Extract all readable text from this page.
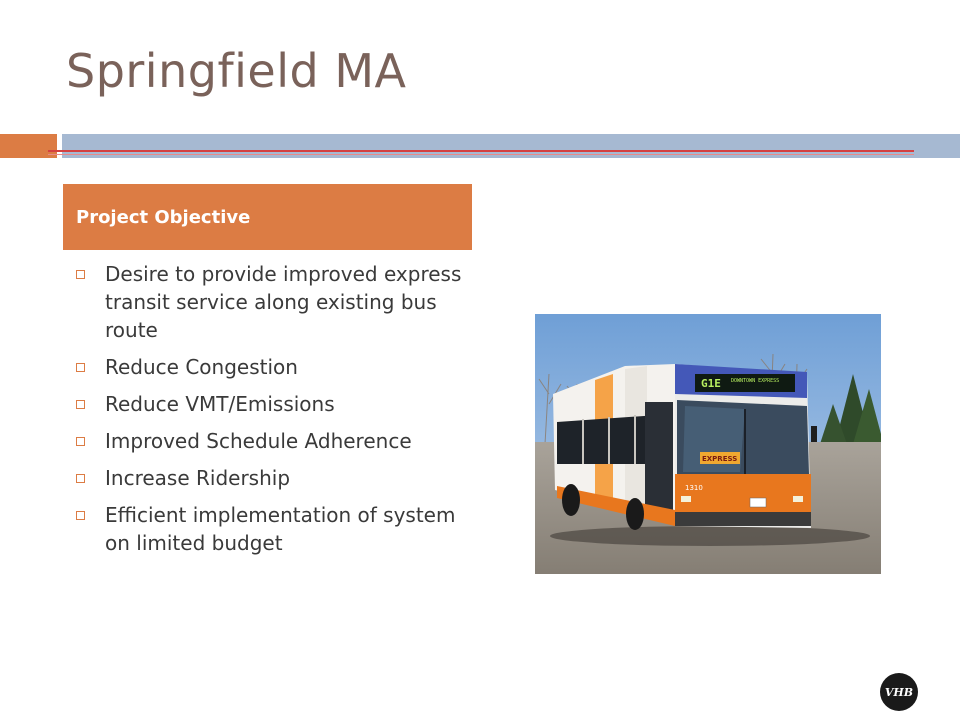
Springfield MA
Project Objective
Desire to provide improved express transit service along existing bus route
Reduce Congestion
Reduce VMT/Emissions
Improved Schedule Adherence
Increase Ridership
Efficient implementation of system on limited budget
G1E DOWNTOWN EXPRESS
EXPRESS
1310
VHB
